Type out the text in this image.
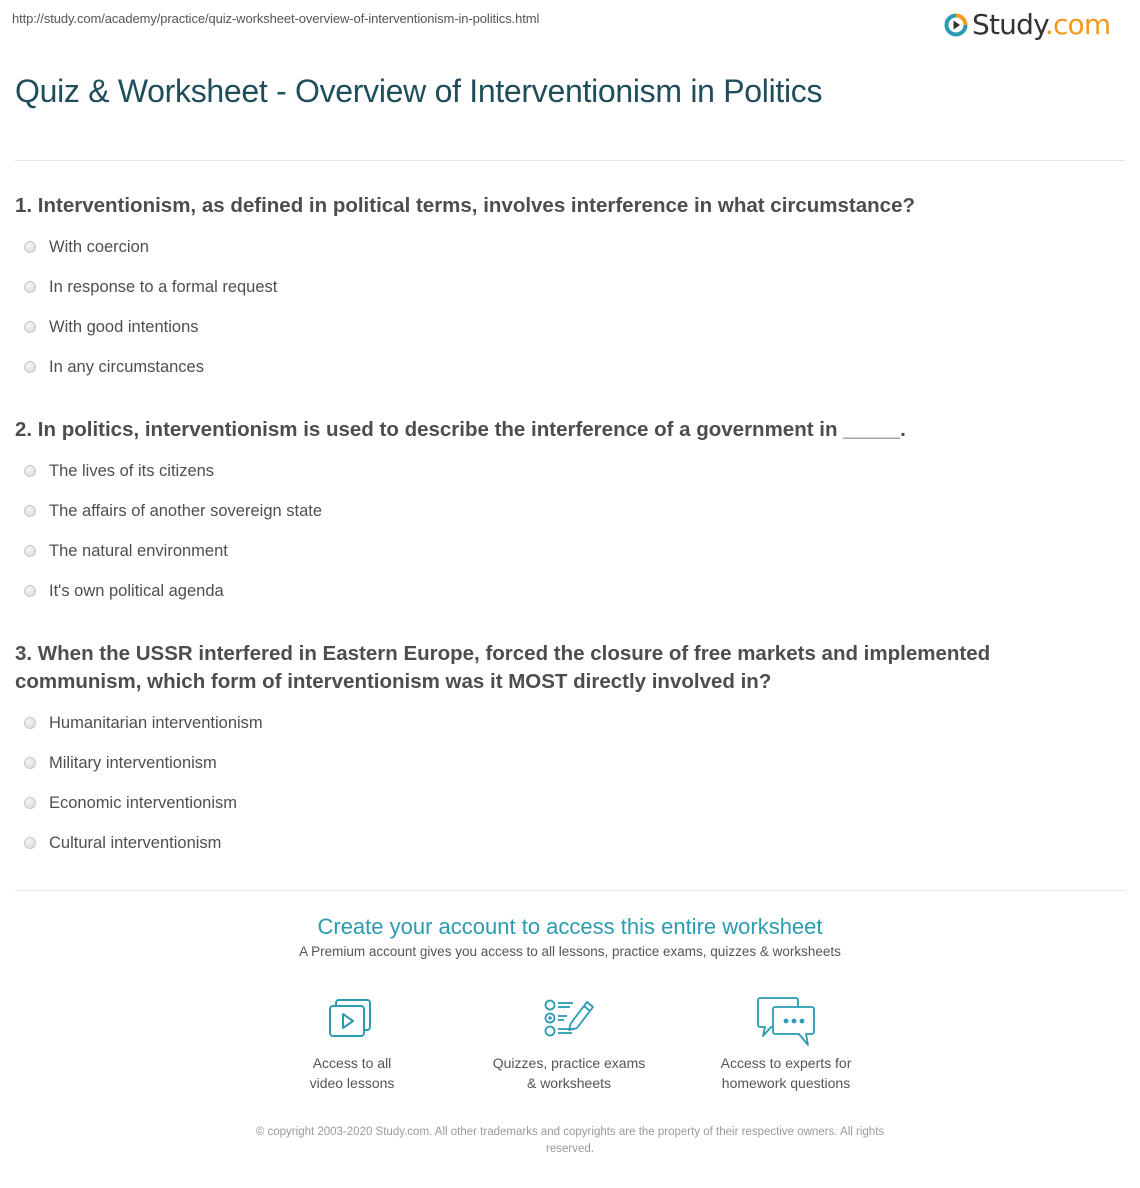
http://study.com/academy/practice/quiz-worksheet-overview-of-interventionism-in-politics.html	Study.com
Quiz & Worksheet - Overview of Interventionism in Politics
1. Interventionism, as defined in political terms, involves interference in what circumstance?
With coercion
In response to a formal request
With good intentions
In any circumstances
2. In politics, interventionism is used to describe the interference of a government in _____.
The lives of its citizens
The affairs of another sovereign state
The natural environment
It's own political agenda
3. When the USSR interfered in Eastern Europe, forced the closure of free markets and implemented communism, which form of interventionism was it MOST directly involved in?
Humanitarian interventionism
Military interventionism
Economic interventionism
Cultural interventionism
Create your account to access this entire worksheet
A Premium account gives you access to all lessons, practice exams, quizzes & worksheets
Access to all
video lessons
Quizzes, practice exams
& worksheets
Access to experts for
homework questions
© copyright 2003-2020 Study.com. All other trademarks and copyrights are the property of their respective owners. All rights
reserved.
